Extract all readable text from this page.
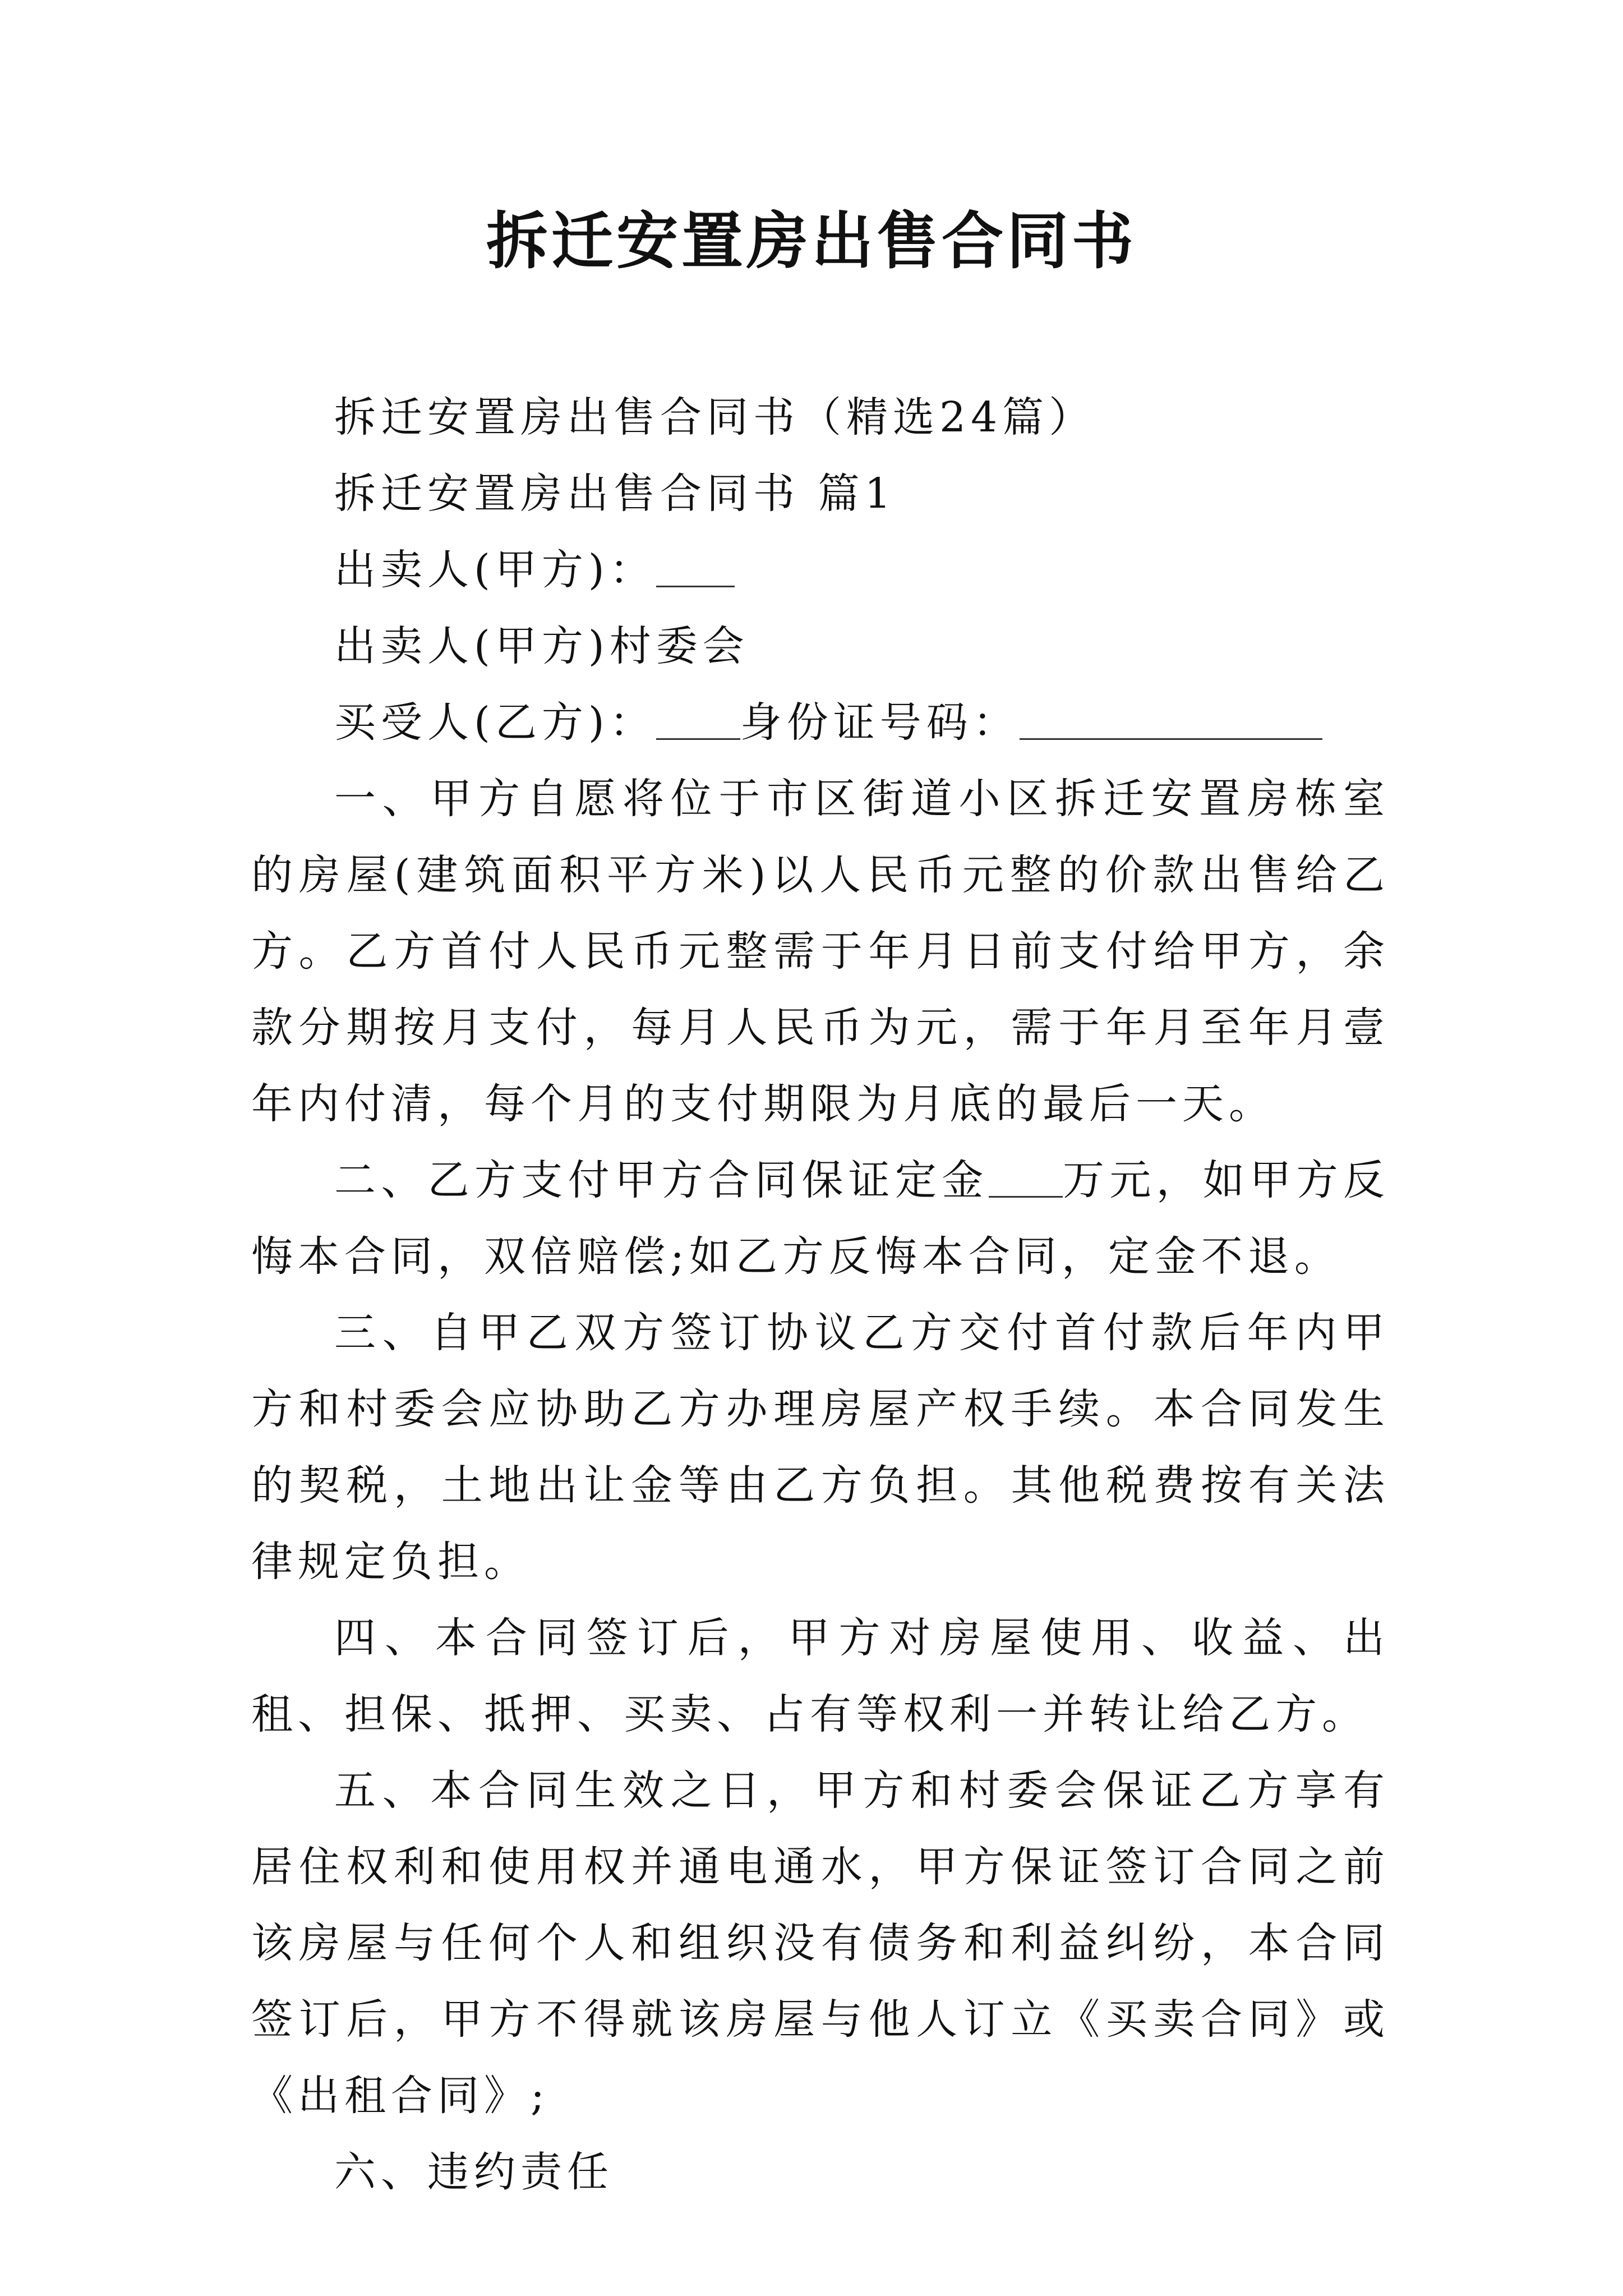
拆迁安置房出售合同书

拆迁安置房出售合同书（精选24篇）

拆迁安置房出售合同书 篇1

出卖人(甲方)：

出卖人(甲方)村委会

买受人(乙方)： 身份证号码：

一、甲方自愿将位于市区街道小区拆迁安置房栋室的房屋(建筑面积平方米)以人民币元整的价款出售给乙方。乙方首付人民币元整需于年月日前支付给甲方，余款分期按月支付，每月人民币为元，需于年月至年月壹年内付清，每个月的支付期限为月底的最后一天。

二、乙方支付甲方合同保证定金 万元，如甲方反悔本合同，双倍赔偿;如乙方反悔本合同，定金不退。

三、自甲乙双方签订协议乙方交付首付款后年内甲方和村委会应协助乙方办理房屋产权手续。本合同发生的契税，土地出让金等由乙方负担。其他税费按有关法律规定负担。

四、本合同签订后，甲方对房屋使用、收益、出租、担保、抵押、买卖、占有等权利一并转让给乙方。

五、本合同生效之日，甲方和村委会保证乙方享有居住权利和使用权并通电通水，甲方保证签订合同之前该房屋与任何个人和组织没有债务和利益纠纷，本合同签订后，甲方不得就该房屋与他人订立《买卖合同》或《出租合同》;

六、违约责任
